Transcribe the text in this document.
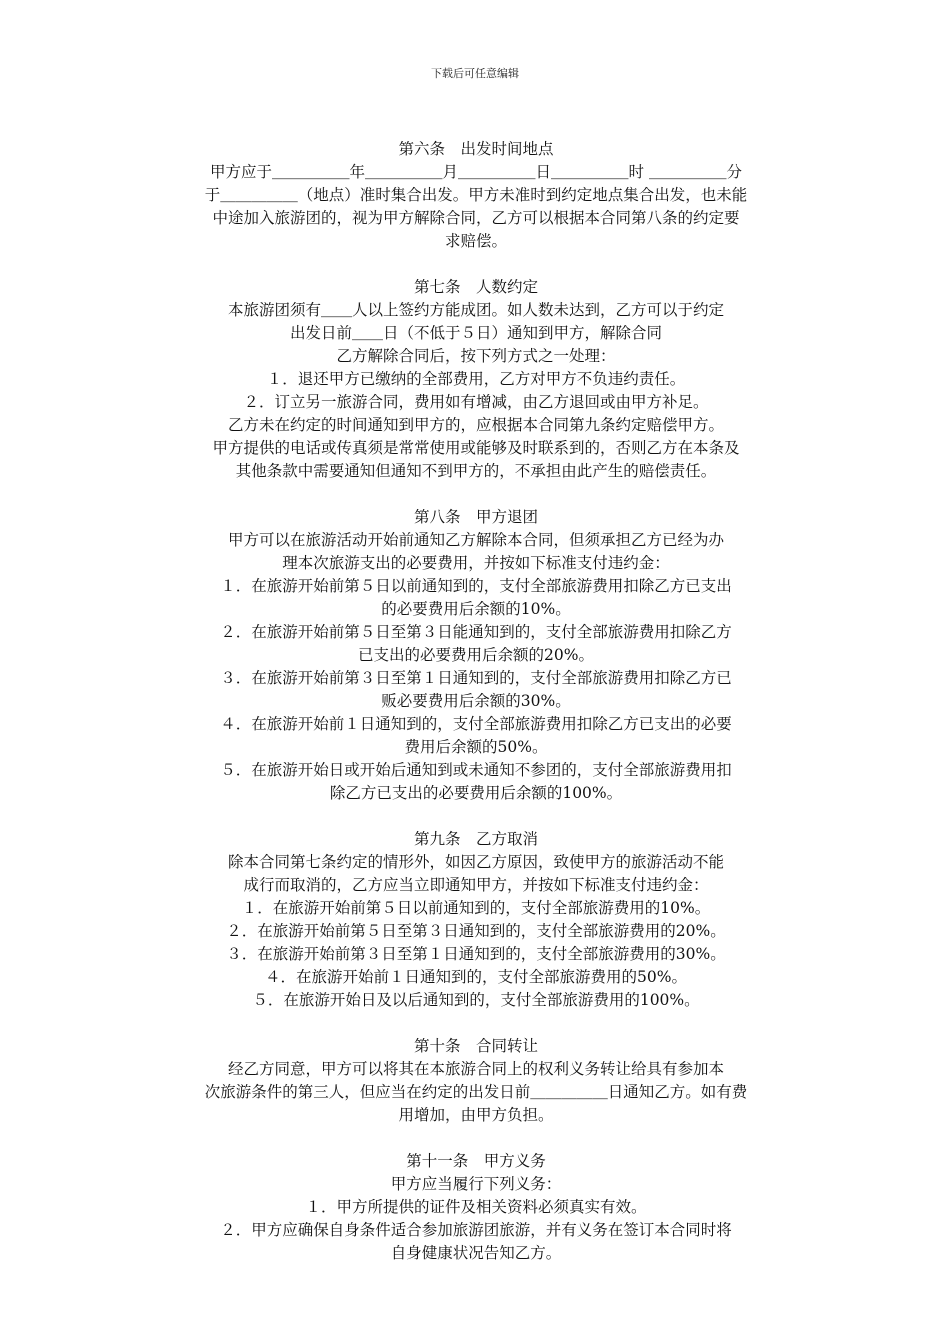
下载后可任意编辑
第六条　出发时间地点
甲方应于＿＿＿＿＿年＿＿＿＿＿月＿＿＿＿＿日＿＿＿＿＿时 ＿＿＿＿＿分
于＿＿＿＿＿（地点）准时集合出发。甲方未准时到约定地点集合出发，也未能
中途加入旅游团的，视为甲方解除合同，乙方可以根据本合同第八条的约定要
求赔偿。
第七条　人数约定
本旅游团须有＿＿人以上签约方能成团。如人数未达到，乙方可以于约定
出发日前＿＿日（不低于５日）通知到甲方，解除合同
乙方解除合同后，按下列方式之一处理：
１．退还甲方已缴纳的全部费用，乙方对甲方不负违约责任。
２．订立另一旅游合同，费用如有增减，由乙方退回或由甲方补足。
乙方未在约定的时间通知到甲方的，应根据本合同第九条约定赔偿甲方。
甲方提供的电话或传真须是常常使用或能够及时联系到的，否则乙方在本条及
其他条款中需要通知但通知不到甲方的，不承担由此产生的赔偿责任。
第八条　甲方退团
甲方可以在旅游活动开始前通知乙方解除本合同，但须承担乙方已经为办
理本次旅游支出的必要费用，并按如下标准支付违约金：
１．在旅游开始前第５日以前通知到的，支付全部旅游费用扣除乙方已支出
的必要费用后余额的10%。
２．在旅游开始前第５日至第３日能通知到的，支付全部旅游费用扣除乙方
已支出的必要费用后余额的20%。
３．在旅游开始前第３日至第１日通知到的，支付全部旅游费用扣除乙方已
贩必要费用后余额的30%。
４．在旅游开始前１日通知到的，支付全部旅游费用扣除乙方已支出的必要
费用后余额的50%。
５．在旅游开始日或开始后通知到或未通知不参团的，支付全部旅游费用扣
除乙方已支出的必要费用后余额的100%。
第九条　乙方取消
除本合同第七条约定的情形外，如因乙方原因，致使甲方的旅游活动不能
成行而取消的，乙方应当立即通知甲方，并按如下标准支付违约金：
１．在旅游开始前第５日以前通知到的，支付全部旅游费用的10%。
２．在旅游开始前第５日至第３日通知到的，支付全部旅游费用的20%。
３．在旅游开始前第３日至第１日通知到的，支付全部旅游费用的30%。
４．在旅游开始前１日通知到的，支付全部旅游费用的50%。
５．在旅游开始日及以后通知到的，支付全部旅游费用的100%。
第十条　合同转让
经乙方同意，甲方可以将其在本旅游合同上的权利义务转让给具有参加本
次旅游条件的第三人，但应当在约定的出发日前＿＿＿＿＿日通知乙方。如有费
用增加，由甲方负担。
第十一条　甲方义务
甲方应当履行下列义务：
１．甲方所提供的证件及相关资料必须真实有效。
２．甲方应确保自身条件适合参加旅游团旅游，并有义务在签订本合同时将
自身健康状况告知乙方。
